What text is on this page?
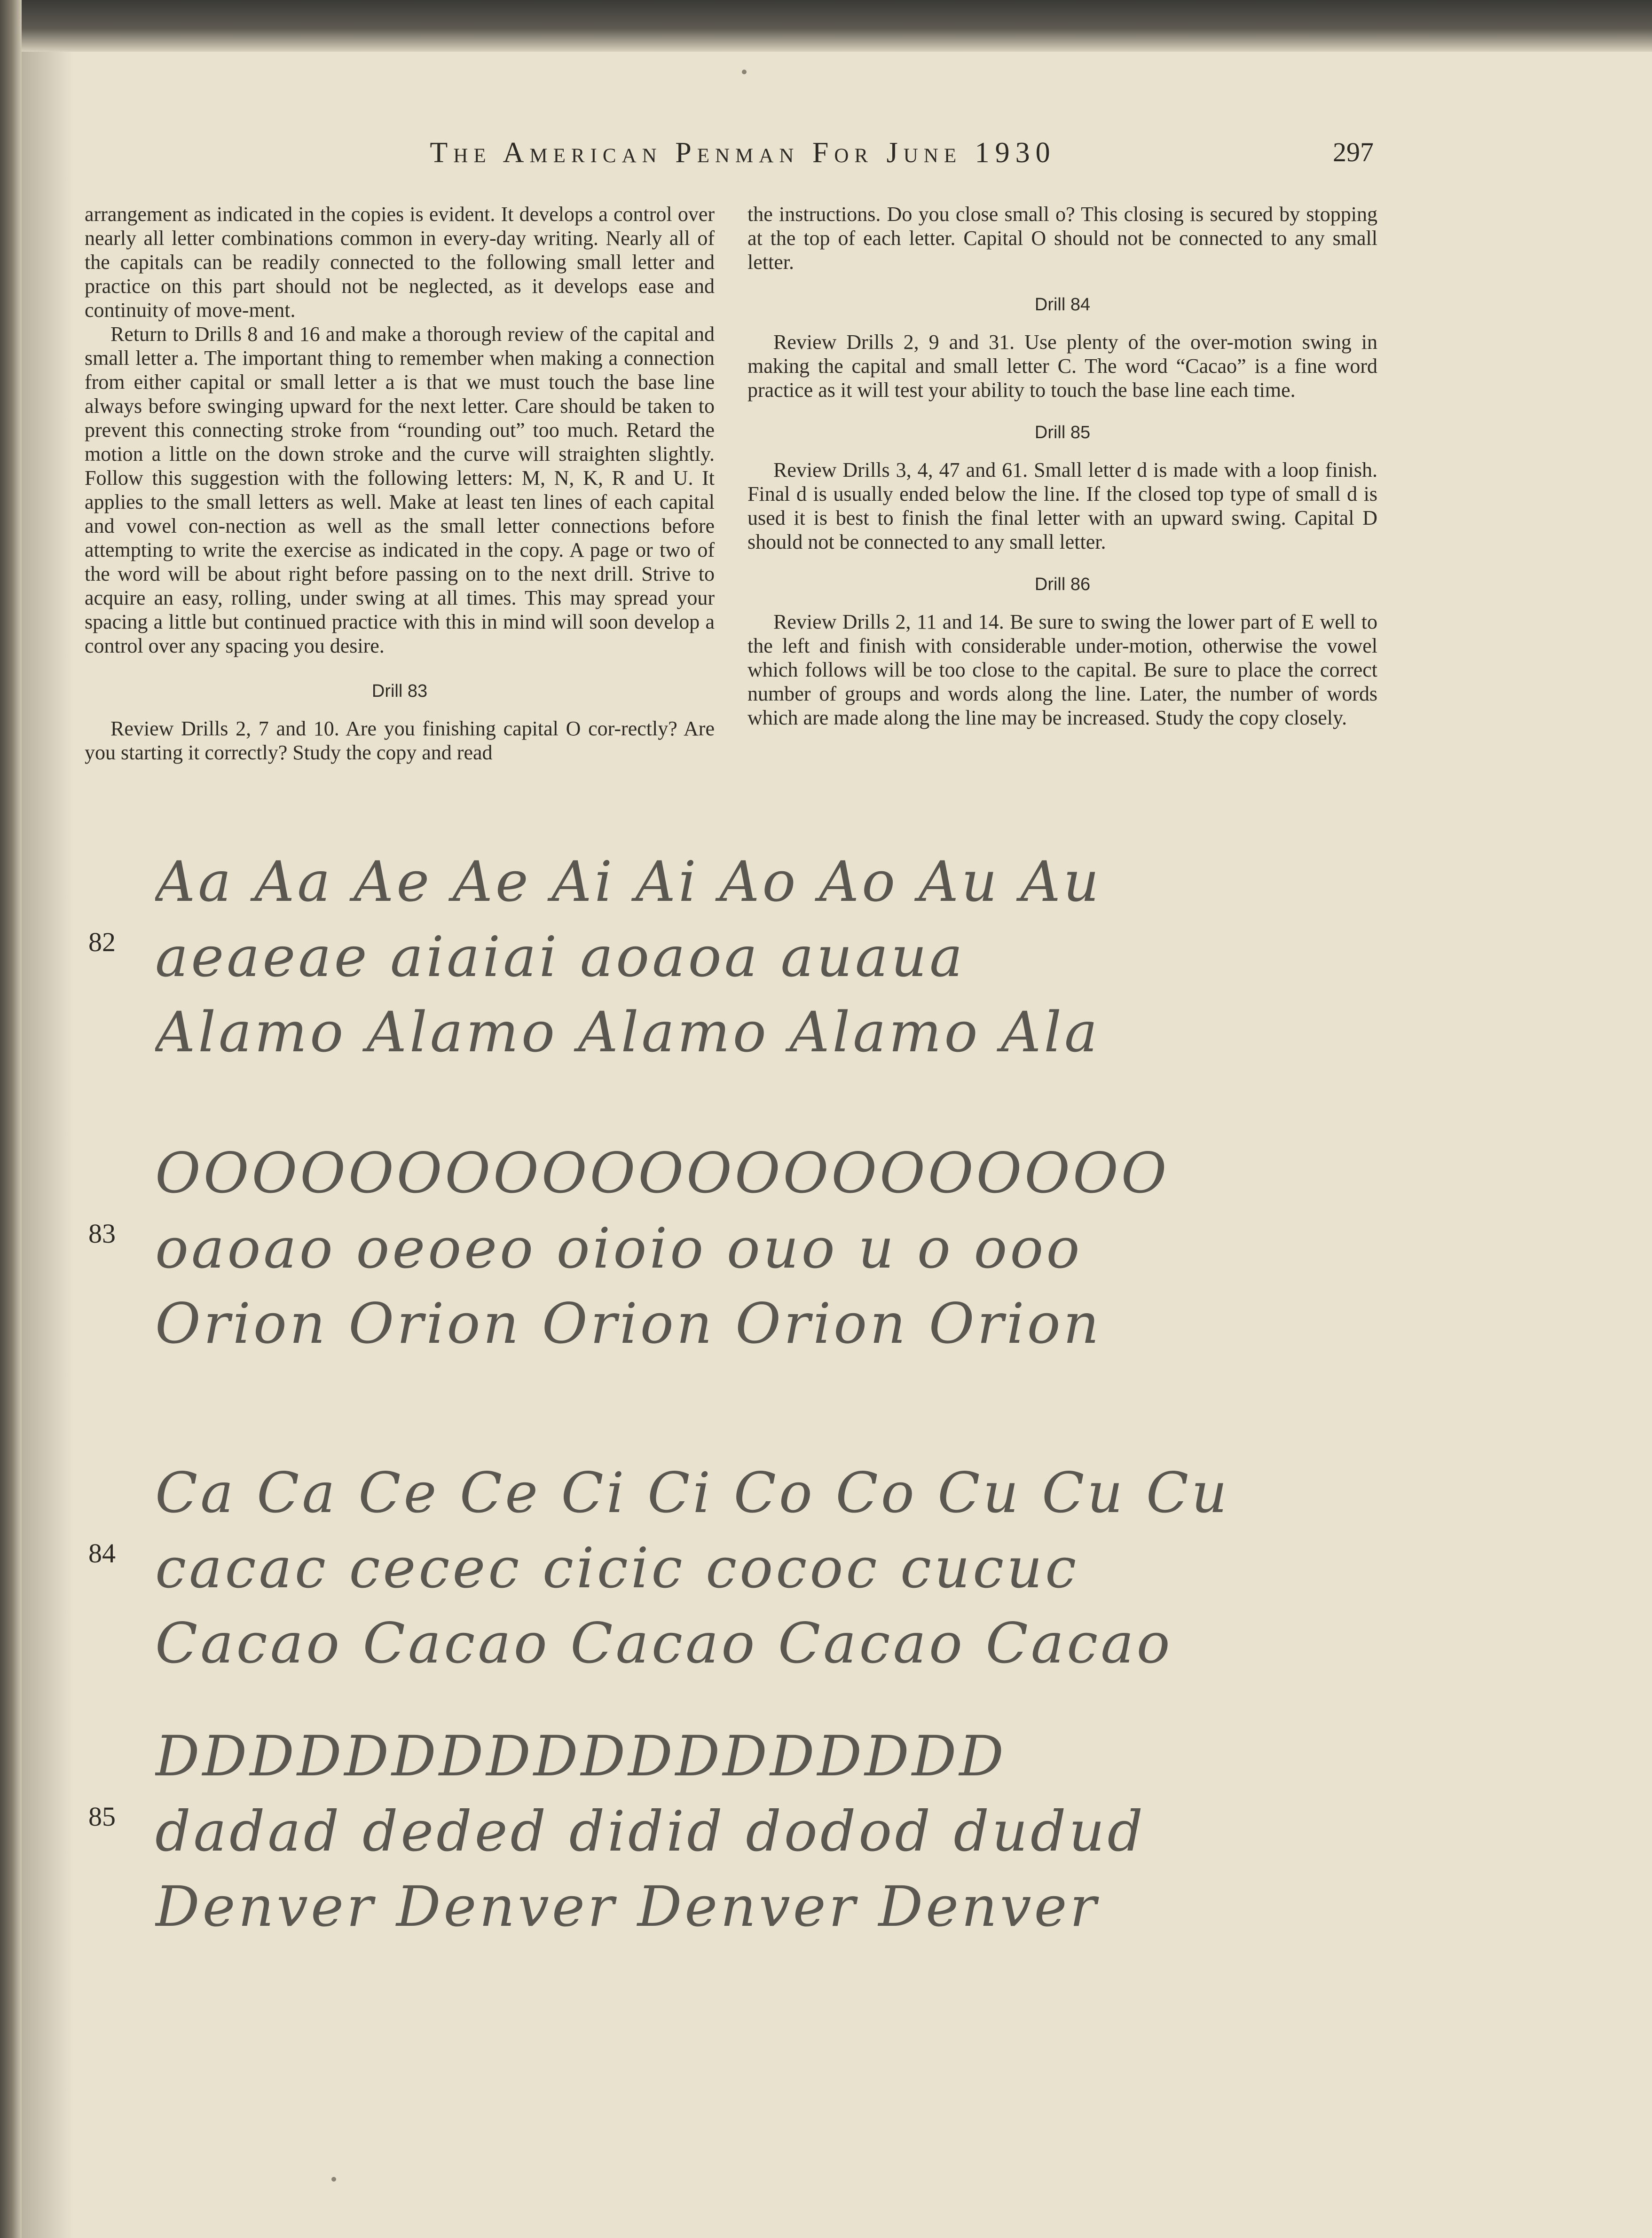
The American Penman For June 1930	297

arrangement as indicated in the copies is evident. It develops a control over nearly all letter combinations common in every-day writing. Nearly all of the capitals can be readily connected to the following small letter and practice on this part should not be neglected, as it develops ease and continuity of move-ment.

Return to Drills 8 and 16 and make a thorough review of the capital and small letter a. The important thing to remember when making a connection from either capital or small letter a is that we must touch the base line always before swinging upward for the next letter. Care should be taken to prevent this connecting stroke from “rounding out” too much. Retard the motion a little on the down stroke and the curve will straighten slightly. Follow this suggestion with the following letters: M, N, K, R and U. It applies to the small letters as well. Make at least ten lines of each capital and vowel con-nection as well as the small letter connections before attempting to write the exercise as indicated in the copy. A page or two of the word will be about right before passing on to the next drill. Strive to acquire an easy, rolling, under swing at all times. This may spread your spacing a little but continued practice with this in mind will soon develop a control over any spacing you desire.

Drill 83

Review Drills 2, 7 and 10. Are you finishing capital O cor-rectly? Are you starting it correctly? Study the copy and read

the instructions. Do you close small o? This closing is secured by stopping at the top of each letter. Capital O should not be connected to any small letter.

Drill 84

Review Drills 2, 9 and 31. Use plenty of the over-motion swing in making the capital and small letter C. The word “Cacao” is a fine word practice as it will test your ability to touch the base line each time.

Drill 85

Review Drills 3, 4, 47 and 61. Small letter d is made with a loop finish. Final d is usually ended below the line. If the closed top type of small d is used it is best to finish the final letter with an upward swing. Capital D should not be connected to any small letter.

Drill 86

Review Drills 2, 11 and 14. Be sure to swing the lower part of E well to the left and finish with considerable under-motion, otherwise the vowel which follows will be too close to the capital. Be sure to place the correct number of groups and words along the line. Later, the number of words which are made along the line may be increased. Study the copy closely.

82
Aa Aa Ae Ae Ai Ai Ao Ao Au Au
aeaeae aiaiai aoaoa auaua
Alamo Alamo Alamo Alamo Ala
83
OOOOOOOOOOOOOOOOOOOOO
oaoao oeoeo oioio ouo u o ooo
Orion Orion Orion Orion Orion
84
Ca Ca Ce Ce Ci Ci Co Co Cu Cu Cu
cacac cecec cicic cococ cucuc
Cacao Cacao Cacao Cacao Cacao
85
DDDDDDDDDDDDDDDDDD
dadad deded didid dodod dudud
Denver Denver Denver Denver
